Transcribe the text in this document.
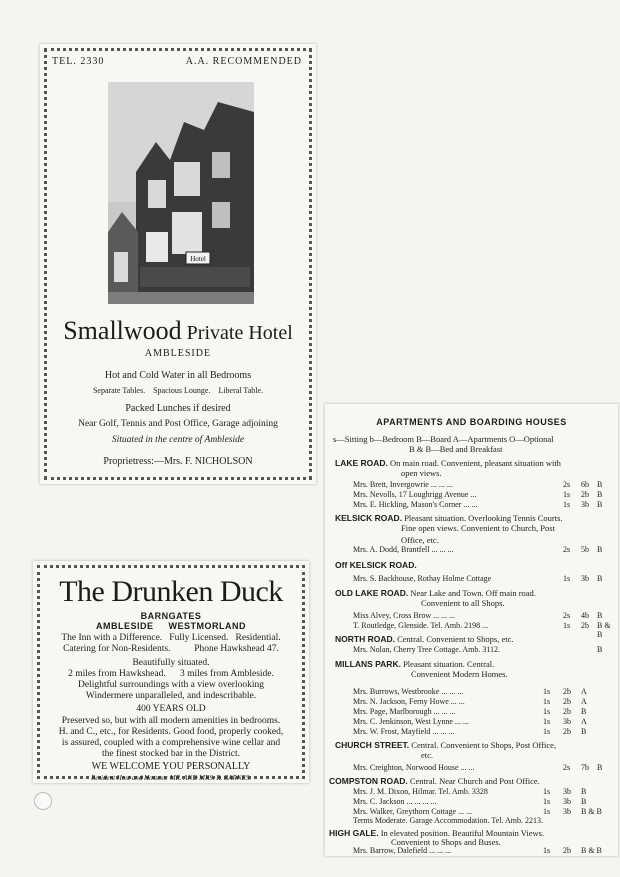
TEL. 2330	A.A. RECOMMENDED
Hotel
Smallwood Private Hotel
AMBLESIDE
Hot and Cold Water in all Bedrooms
Separate Tables. Spacious Lounge. Liberal Table.
Packed Lunches if desired
Near Golf, Tennis and Post Office, Garage adjoining
Situated in the centre of Ambleside
Proprietress:—Mrs. F. NICHOLSON
The Drunken Duck
BARNGATES
AMBLESIDE     WESTMORLAND
The Inn with a Difference.   Fully Licensed.   Residential.
Catering for Non-Residents.          Phone Hawkshead 47.
Beautifully situated.
2 miles from Hawkshead.      3 miles from Ambleside.
Delightful surroundings with a view overlooking
Windermere unparalleled, and indescribable.
400 YEARS OLD
Preserved so, but with all modern amenities in bedrooms.
H. and C., etc., for Residents. Good food, properly cooked,
is assured, coupled with a comprehensive wine cellar and
the finest stocked bar in the District.
WE WELCOME YOU PERSONALLY
Resident Host and Hostess: MR. AND MRS. R. BARNES.
APARTMENTS AND BOARDING HOUSES
s—Sitting b—Bedroom B—Board A—Apartments O—Optional
B & B—Bed and Breakfast
LAKE ROAD. On main road. Convenient, pleasant situation with
open views.
Mrs. Brett, Invergowrie ... ... ...	2s 6b B
Mrs. Nevolls, 17 Loughrigg Avenue ...	1s 2b B
Mrs. E. Hickling, Mason's Corner ... ...	1s 3b B
KELSICK ROAD. Pleasant situation. Overlooking Tennis Courts.
Fine open views. Convenient to Church, Post
Office, etc.
Mrs. A. Dodd, Brantfell ... ... ...	2s 5b B
Off KELSICK ROAD.
Mrs. S. Backhouse, Rothay Holme Cottage	1s 3b B
OLD LAKE ROAD. Near Lake and Town. Off main road.
Convenient to all Shops.
Miss Alvey, Cross Brow ... ... ...	2s 4b B
T. Routledge, Glenside. Tel. Amb. 2198 ...	1s 2b B & B
NORTH ROAD. Central. Convenient to Shops, etc.
Mrs. Nolan, Cherry Tree Cottage. Amb. 3112.	B
MILLANS PARK. Pleasant situation. Central.
Convenient Modern Homes.
Mrs. Burrows, Westbrooke ... ... ...	1s 2b A
Mrs. N. Jackson, Ferny Howe ... ...	1s 2b A
Mrs. Page, Marlborough ... ... ...	1s 2b B
Mrs. C. Jenkinson, West Lynne ... ...	1s 3b A
Mrs. W. Frost, Mayfield ... ... ...	1s 2b B
CHURCH STREET. Central. Convenient to Shops, Post Office,
etc.
Mrs. Creighton, Norwood House ... ...	2s 7b B
COMPSTON ROAD. Central. Near Church and Post Office.
Mrs. J. M. Dixon, Hilmar. Tel. Amb. 3328	1s 3b B
Mrs. C. Jackson ... ... ... ...	1s 3b B
Mrs. Walker, Greythorn Cottage ... ...	1s 3b B & B
Terms Moderate. Garage Accommodation. Tel. Amb. 2213.
HIGH GALE. In elevated position. Beautiful Mountain Views.
Convenient to Shops and Buses.
Mrs. Barrow, Dalefield ... ... ...	1s 2b B & B
